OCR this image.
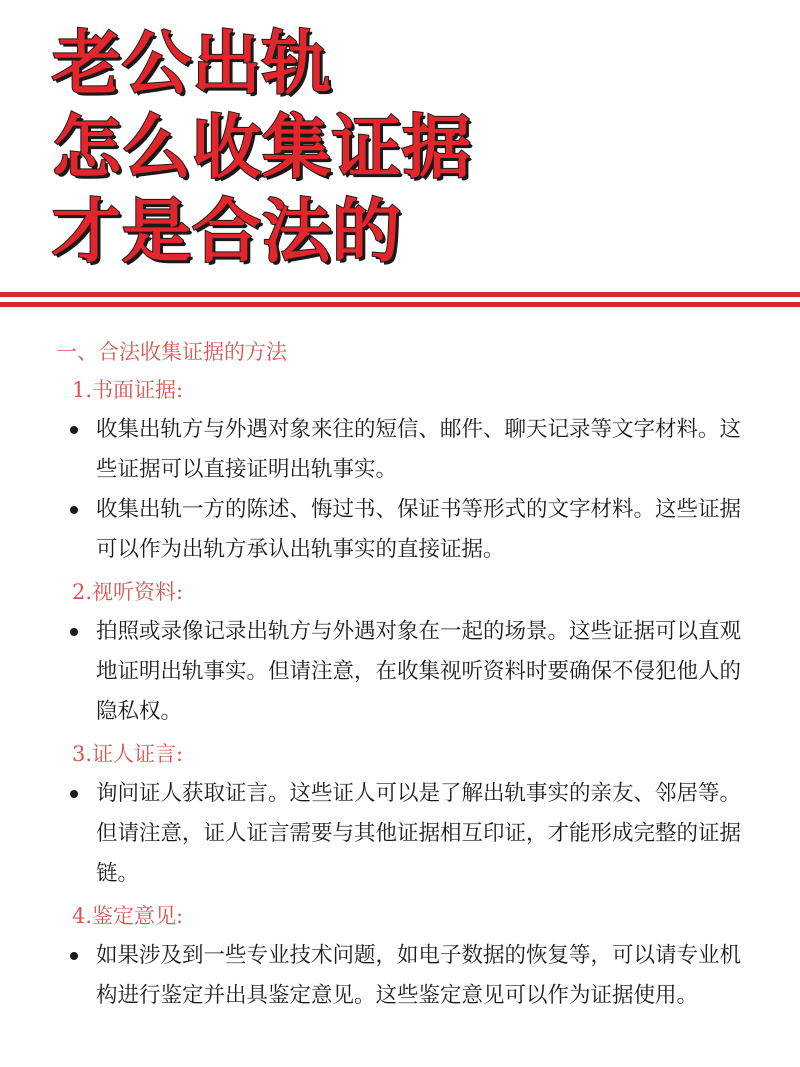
老公出轨
怎么收集证据
才是合法的
一、合法收集证据的方法
1.书面证据:
收集出轨方与外遇对象来往的短信、邮件、聊天记录等文字材料。这些证据可以直接证明出轨事实。
收集出轨一方的陈述、悔过书、保证书等形式的文字材料。这些证据可以作为出轨方承认出轨事实的直接证据。
2.视听资料:
拍照或录像记录出轨方与外遇对象在一起的场景。这些证据可以直观地证明出轨事实。但请注意，在收集视听资料时要确保不侵犯他人的隐私权。
3.证人证言:
询问证人获取证言。这些证人可以是了解出轨事实的亲友、邻居等。但请注意，证人证言需要与其他证据相互印证，才能形成完整的证据链。
4.鉴定意见:
如果涉及到一些专业技术问题，如电子数据的恢复等，可以请专业机构进行鉴定并出具鉴定意见。这些鉴定意见可以作为证据使用。
